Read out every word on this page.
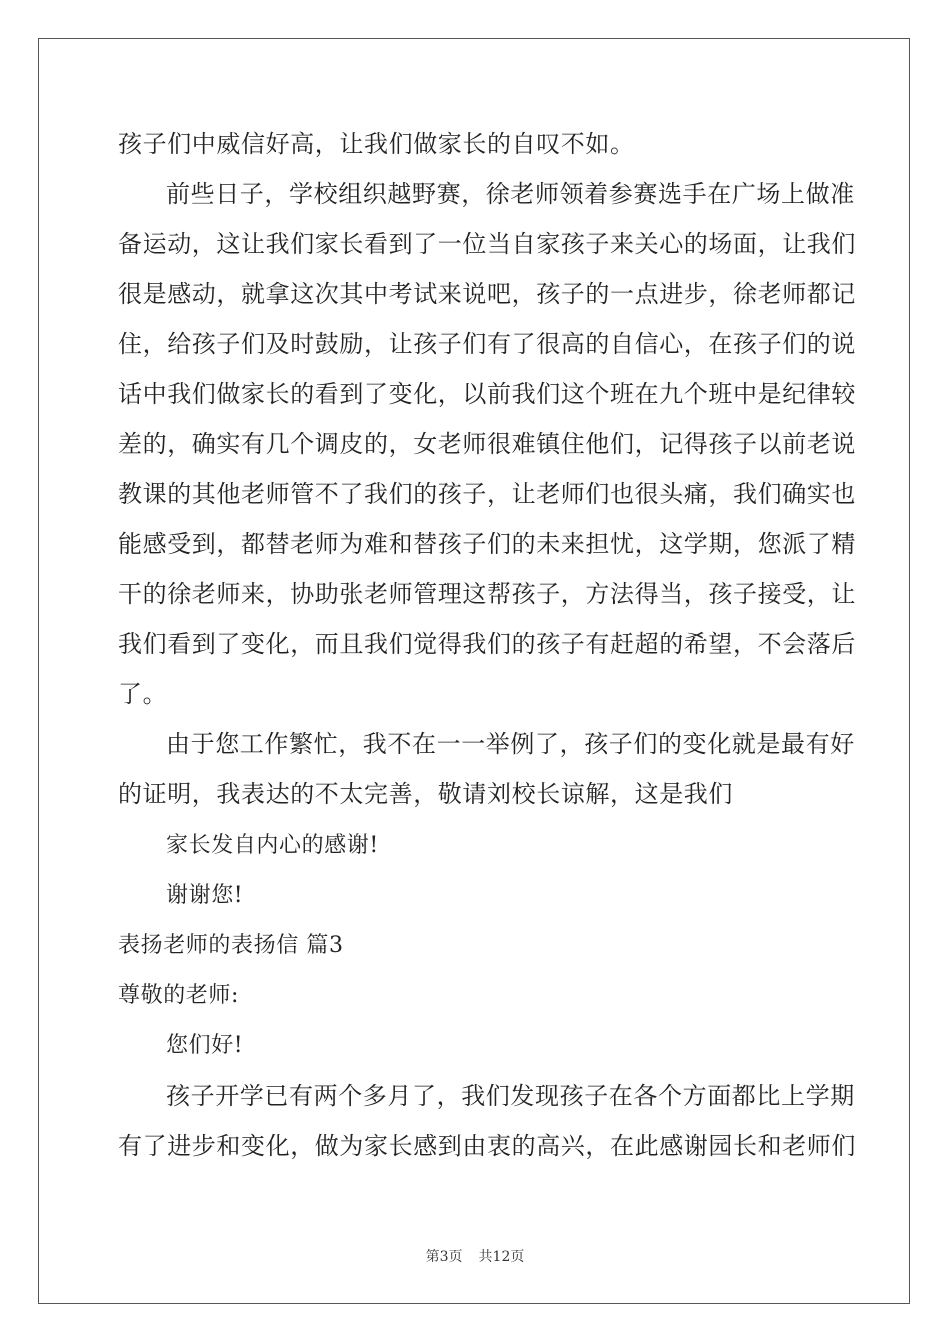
孩子们中威信好高，让我们做家长的自叹不如。
前些日子，学校组织越野赛，徐老师领着参赛选手在广场上做准
备运动，这让我们家长看到了一位当自家孩子来关心的场面，让我们
很是感动，就拿这次其中考试来说吧，孩子的一点进步，徐老师都记
住，给孩子们及时鼓励，让孩子们有了很高的自信心，在孩子们的说
话中我们做家长的看到了变化，以前我们这个班在九个班中是纪律较
差的，确实有几个调皮的，女老师很难镇住他们，记得孩子以前老说
教课的其他老师管不了我们的孩子，让老师们也很头痛，我们确实也
能感受到，都替老师为难和替孩子们的未来担忧，这学期，您派了精
干的徐老师来，协助张老师管理这帮孩子，方法得当，孩子接受，让
我们看到了变化，而且我们觉得我们的孩子有赶超的希望，不会落后
了。
由于您工作繁忙，我不在一一举例了，孩子们的变化就是最有好
的证明，我表达的不太完善，敬请刘校长谅解，这是我们
家长发自内心的感谢!
谢谢您!
表扬老师的表扬信 篇3
尊敬的老师:
您们好!
孩子开学已有两个多月了，我们发现孩子在各个方面都比上学期
有了进步和变化，做为家长感到由衷的高兴，在此感谢园长和老师们
第3页 共12页
